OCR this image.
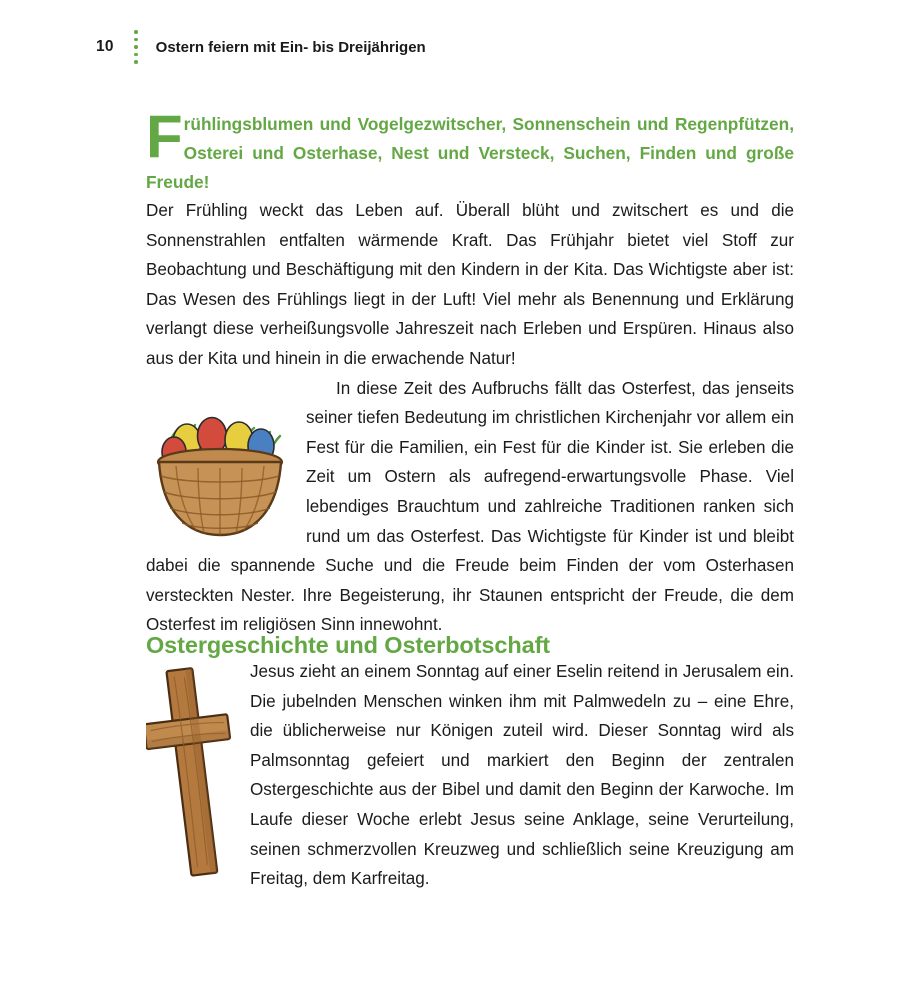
10	Ostern feiern mit Ein- bis Dreijährigen
Frühlingsblumen und Vogelgezwitscher, Sonnenschein und Regenpfützen, Osterei und Osterhase, Nest und Versteck, Suchen, Finden und große Freude!

Der Frühling weckt das Leben auf. Überall blüht und zwitschert es und die Sonnenstrahlen entfalten wärmende Kraft. Das Frühjahr bietet viel Stoff zur Beobachtung und Beschäftigung mit den Kindern in der Kita. Das Wichtigste aber ist: Das Wesen des Frühlings liegt in der Luft! Viel mehr als Benennung und Erklärung verlangt diese verheißungsvolle Jahreszeit nach Erleben und Erspüren. Hinaus also aus der Kita und hinein in die erwachende Natur!

In diese Zeit des Aufbruchs fällt das Osterfest, das jenseits seiner tiefen Bedeutung im christlichen Kirchenjahr vor allem ein Fest für die Familien, ein Fest für die Kinder ist. Sie erleben die Zeit um Ostern als aufregend-erwartungsvolle Phase. Viel lebendiges Brauchtum und zahlreiche Traditionen ranken sich rund um das Osterfest. Das Wichtigste für Kinder ist und bleibt dabei die spannende Suche und die Freude beim Finden der vom Osterhasen versteckten Nester. Ihre Begeisterung, ihr Staunen entspricht der Freude, die dem Osterfest im religiösen Sinn innewohnt.

Ostergeschichte und Osterbotschaft

Jesus zieht an einem Sonntag auf einer Eselin reitend in Jerusalem ein. Die jubelnden Menschen winken ihm mit Palmwedeln zu – eine Ehre, die üblicherweise nur Königen zuteil wird. Dieser Sonntag wird als Palmsonntag gefeiert und markiert den Beginn der zentralen Ostergeschichte aus der Bibel und damit den Beginn der Karwoche. Im Laufe dieser Woche erlebt Jesus seine Anklage, seine Verurteilung, seinen schmerzvollen Kreuzweg und schließlich seine Kreuzigung am Freitag, dem Karfreitag.
